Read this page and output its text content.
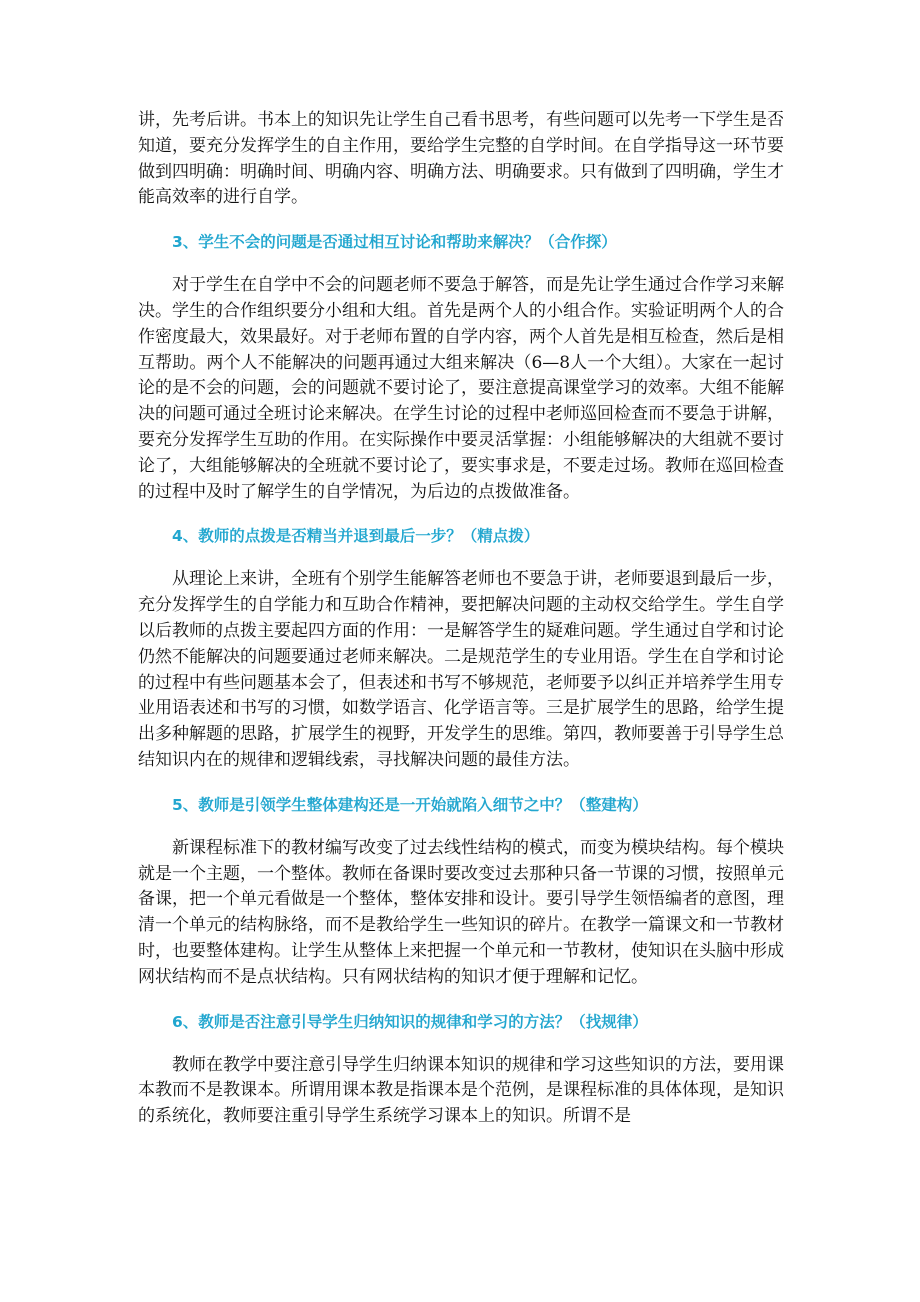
讲，先考后讲。书本上的知识先让学生自己看书思考，有些问题可以先考一下学生是否知道，要充分发挥学生的自主作用，要给学生完整的自学时间。在自学指导这一环节要做到四明确：明确时间、明确内容、明确方法、明确要求。只有做到了四明确，学生才能高效率的进行自学。

3、学生不会的问题是否通过相互讨论和帮助来解决？（合作探）

对于学生在自学中不会的问题老师不要急于解答，而是先让学生通过合作学习来解决。学生的合作组织要分小组和大组。首先是两个人的小组合作。实验证明两个人的合作密度最大，效果最好。对于老师布置的自学内容，两个人首先是相互检查，然后是相互帮助。两个人不能解决的问题再通过大组来解决（6—8人一个大组）。大家在一起讨论的是不会的问题，会的问题就不要讨论了，要注意提高课堂学习的效率。大组不能解决的问题可通过全班讨论来解决。在学生讨论的过程中老师巡回检查而不要急于讲解，要充分发挥学生互助的作用。在实际操作中要灵活掌握：小组能够解决的大组就不要讨论了，大组能够解决的全班就不要讨论了，要实事求是，不要走过场。教师在巡回检查的过程中及时了解学生的自学情况，为后边的点拨做准备。

4、教师的点拨是否精当并退到最后一步？（精点拨）

从理论上来讲，全班有个别学生能解答老师也不要急于讲，老师要退到最后一步，充分发挥学生的自学能力和互助合作精神，要把解决问题的主动权交给学生。学生自学以后教师的点拨主要起四方面的作用：一是解答学生的疑难问题。学生通过自学和讨论仍然不能解决的问题要通过老师来解决。二是规范学生的专业用语。学生在自学和讨论的过程中有些问题基本会了，但表述和书写不够规范，老师要予以纠正并培养学生用专业用语表述和书写的习惯，如数学语言、化学语言等。三是扩展学生的思路，给学生提出多种解题的思路，扩展学生的视野，开发学生的思维。第四，教师要善于引导学生总结知识内在的规律和逻辑线索，寻找解决问题的最佳方法。

5、教师是引领学生整体建构还是一开始就陷入细节之中？（整建构）

新课程标准下的教材编写改变了过去线性结构的模式，而变为模块结构。每个模块就是一个主题，一个整体。教师在备课时要改变过去那种只备一节课的习惯，按照单元备课，把一个单元看做是一个整体，整体安排和设计。要引导学生领悟编者的意图，理清一个单元的结构脉络，而不是教给学生一些知识的碎片。在教学一篇课文和一节教材时，也要整体建构。让学生从整体上来把握一个单元和一节教材，使知识在头脑中形成网状结构而不是点状结构。只有网状结构的知识才便于理解和记忆。

6、教师是否注意引导学生归纳知识的规律和学习的方法？（找规律）

教师在教学中要注意引导学生归纳课本知识的规律和学习这些知识的方法，要用课本教而不是教课本。所谓用课本教是指课本是个范例，是课程标准的具体体现，是知识的系统化，教师要注重引导学生系统学习课本上的知识。所谓不是
